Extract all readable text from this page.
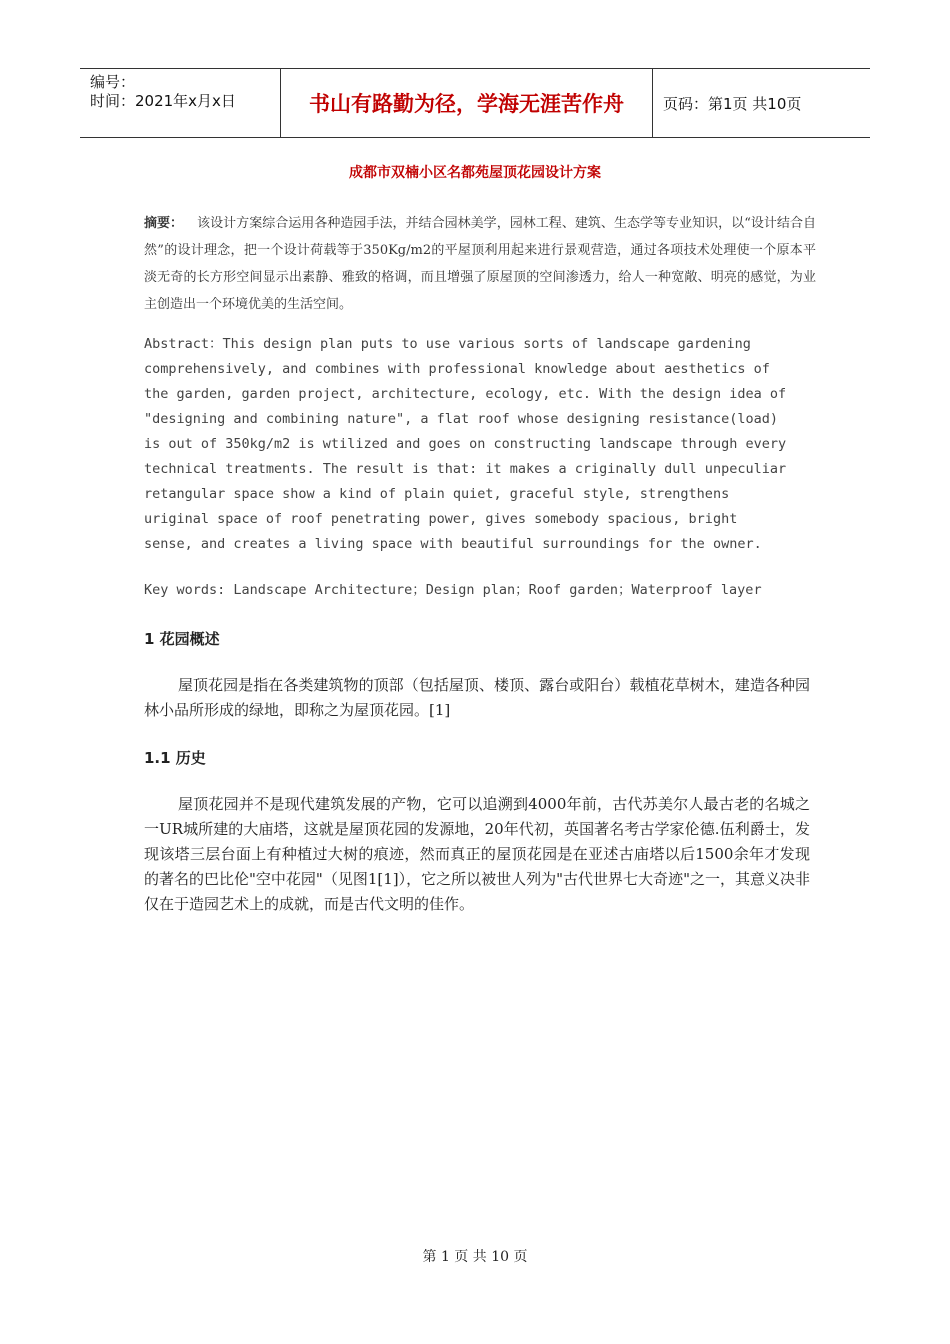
编号：
时间：2021年x月x日	书山有路勤为径，学海无涯苦作舟	页码：第1页 共10页
成都市双楠小区名都苑屋顶花园设计方案
摘要： 该设计方案综合运用各种造园手法，并结合园林美学，园林工程、建筑、生态学等专业知识，以“设计结合自然”的设计理念，把一个设计荷载等于350Kg/m2的平屋顶利用起来进行景观营造，通过各项技术处理使一个原本平淡无奇的长方形空间显示出素静、雅致的格调，而且增强了原屋顶的空间渗透力，给人一种宽敞、明亮的感觉，为业主创造出一个环境优美的生活空间。
Abstract：This design plan puts to use various sorts of landscape gardening
comprehensively, and combines with professional knowledge about aesthetics of
the garden, garden project, architecture, ecology, etc. With the design idea of
"designing and combining nature", a flat roof whose designing resistance(load)
is out of 350kg/m2 is wtilized and goes on constructing landscape through every
technical treatments. The result is that: it makes a criginally dull unpeculiar
retangular space show a kind of plain quiet, graceful style, strengthens
uriginal space of roof penetrating power, gives somebody spacious, bright
sense, and creates a living space with beautiful surroundings for the owner.
Key words: Landscape Architecture；Design plan；Roof garden；Waterproof layer
1 花园概述
屋顶花园是指在各类建筑物的顶部（包括屋顶、楼顶、露台或阳台）载植花草树木，建造各种园林小品所形成的绿地，即称之为屋顶花园。[1]
1.1 历史
屋顶花园并不是现代建筑发展的产物，它可以追溯到4000年前，古代苏美尔人最古老的名城之一UR城所建的大庙塔，这就是屋顶花园的发源地，20年代初，英国著名考古学家伦德.伍利爵士，发现该塔三层台面上有种植过大树的痕迹，然而真正的屋顶花园是在亚述古庙塔以后1500余年才发现的著名的巴比伦"空中花园"（见图1[1]），它之所以被世人列为"古代世界七大奇迹"之一，其意义决非仅在于造园艺术上的成就，而是古代文明的佳作。
第 1 页 共 10 页
